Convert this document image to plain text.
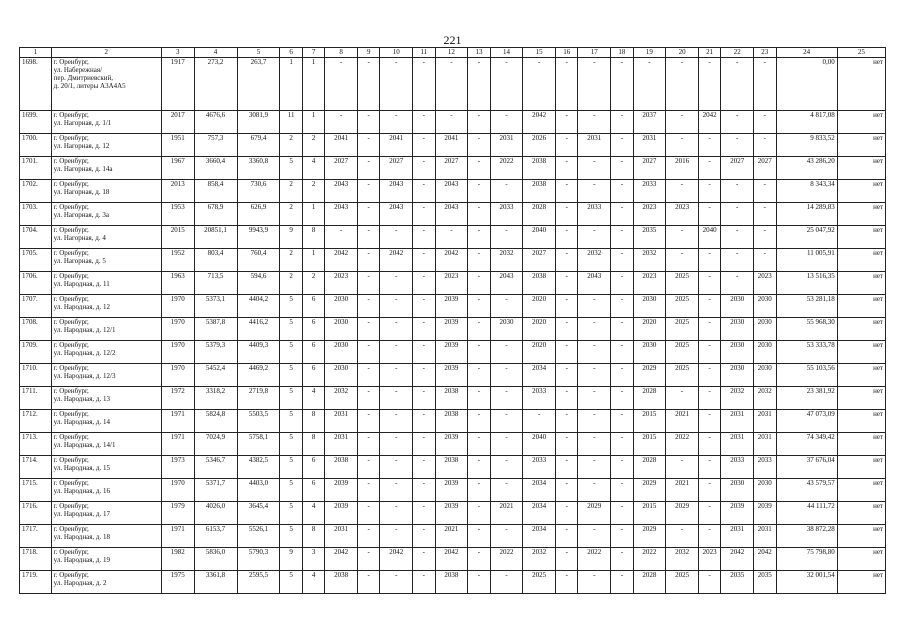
221
1	2	3	4	5	6	7	8	9	10	11	12	13	14	15	16	17	18	19	20	21	22	23	24	25
1698.	г. Оренбург,
ул. Набережная/
пер. Дмитриевский,
д. 20/1, литеры А3А4А5	1917	273,2	263,7	1	1	-	-	-	-	-	-	-	-	-	-	-	-	-	-	-	-	0,00	нет
1699.	г. Оренбург,
ул. Нагорная, д. 1/1	2017	4676,6	3081,9	11	1	-	-	-	-	-	-	-	2042	-	-	-	2037	-	2042	-	-	4 817,08	нет
1700.	г. Оренбург,
ул. Нагорная, д. 12	1951	757,3	679,4	2	2	2041	-	2041	-	2041	-	2031	2026	-	2031	-	2031	-	-	-	-	9 833,52	нет
1701.	г. Оренбург,
ул. Нагорная, д. 14а	1967	3660,4	3360,8	5	4	2027	-	2027	-	2027	-	2022	2038	-	-	-	2027	2016	-	2027	2027	43 286,20	нет
1702.	г. Оренбург,
ул. Нагорная, д. 18	2013	858,4	730,6	2	2	2043	-	2043	-	2043	-	-	2038	-	-	-	2033	-	-	-	-	8 343,34	нет
1703.	г. Оренбург,
ул. Нагорная, д. 3а	1953	678,9	626,9	2	1	2043	-	2043	-	2043	-	2033	2028	-	2033	-	2023	2023	-	-	-	14 289,83	нет
1704.	г. Оренбург,
ул. Нагорная, д. 4	2015	20851,1	9943,9	9	8	-	-	-	-	-	-	-	2040	-	-	-	2035	-	2040	-	-	25 047,92	нет
1705.	г. Оренбург,
ул. Нагорная, д. 5	1952	803,4	760,4	2	1	2042	-	2042	-	2042	-	2032	2027	-	2032	-	2032	-	-	-	-	11 005,91	нет
1706.	г. Оренбург,
ул. Народная, д. 11	1963	713,5	594,6	2	2	2023	-	-	-	2023	-	2043	2038	-	2043	-	2023	2025	-	-	2023	13 516,35	нет
1707.	г. Оренбург,
ул. Народная, д. 12	1970	5373,1	4404,2	5	6	2030	-	-	-	2039	-	-	2020	-	-	-	2030	2025	-	2030	2030	53 281,18	нет
1708.	г. Оренбург,
ул. Народная, д. 12/1	1970	5387,8	4416,2	5	6	2030	-	-	-	2039	-	2030	2020	-	-	-	2020	2025	-	2030	2030	55 968,30	нет
1709.	г. Оренбург,
ул. Народная, д. 12/2	1970	5379,3	4409,3	5	6	2030	-	-	-	2039	-	-	2020	-	-	-	2030	2025	-	2030	2030	53 333,78	нет
1710.	г. Оренбург,
ул. Народная, д. 12/3	1970	5452,4	4469,2	5	6	2030	-	-	-	2039	-	-	2034	-	-	-	2029	2025	-	2030	2030	55 103,56	нет
1711.	г. Оренбург,
ул. Народная, д. 13	1972	3318,2	2719,8	5	4	2032	-	-	-	2038	-	-	2033	-	-	-	2028	-	-	2032	2032	23 381,92	нет
1712.	г. Оренбург,
ул. Народная, д. 14	1971	5824,8	5503,5	5	8	2031	-	-	-	2038	-	-	-	-	-	-	2015	2021	-	2031	2031	47 073,09	нет
1713.	г. Оренбург,
ул. Народная, д. 14/1	1971	7024,9	5758,1	5	8	2031	-	-	-	2039	-	-	2040	-	-	-	2015	2022	-	2031	2031	74 349,42	нет
1714.	г. Оренбург,
ул. Народная, д. 15	1973	5346,7	4382,5	5	6	2038	-	-	-	2038	-	-	2033	-	-	-	2028	-	-	2033	2033	37 676,04	нет
1715.	г. Оренбург,
ул. Народная, д. 16	1970	5371,7	4403,0	5	6	2039	-	-	-	2039	-	-	2034	-	-	-	2029	2021	-	2030	2030	43 579,57	нет
1716.	г. Оренбург,
ул. Народная, д. 17	1979	4026,0	3645,4	5	4	2039	-	-	-	2039	-	2021	2034	-	2029	-	2015	2029	-	2039	2039	44 111,72	нет
1717.	г. Оренбург,
ул. Народная, д. 18	1971	6153,7	5526,1	5	8	2031	-	-	-	2021	-	-	2034	-	-	-	2029	-	-	2031	2031	38 872,28	нет
1718.	г. Оренбург,
ул. Народная, д. 19	1982	5836,0	5790,3	9	3	2042	-	2042	-	2042	-	2022	2032	-	2022	-	2022	2032	2023	2042	2042	75 798,80	нет
1719.	г. Оренбург,
ул. Народная, д. 2	1975	3361,8	2595,5	5	4	2038	-	-	-	2038	-	-	2025	-	-	-	2028	2025	-	2035	2035	32 001,54	нет
